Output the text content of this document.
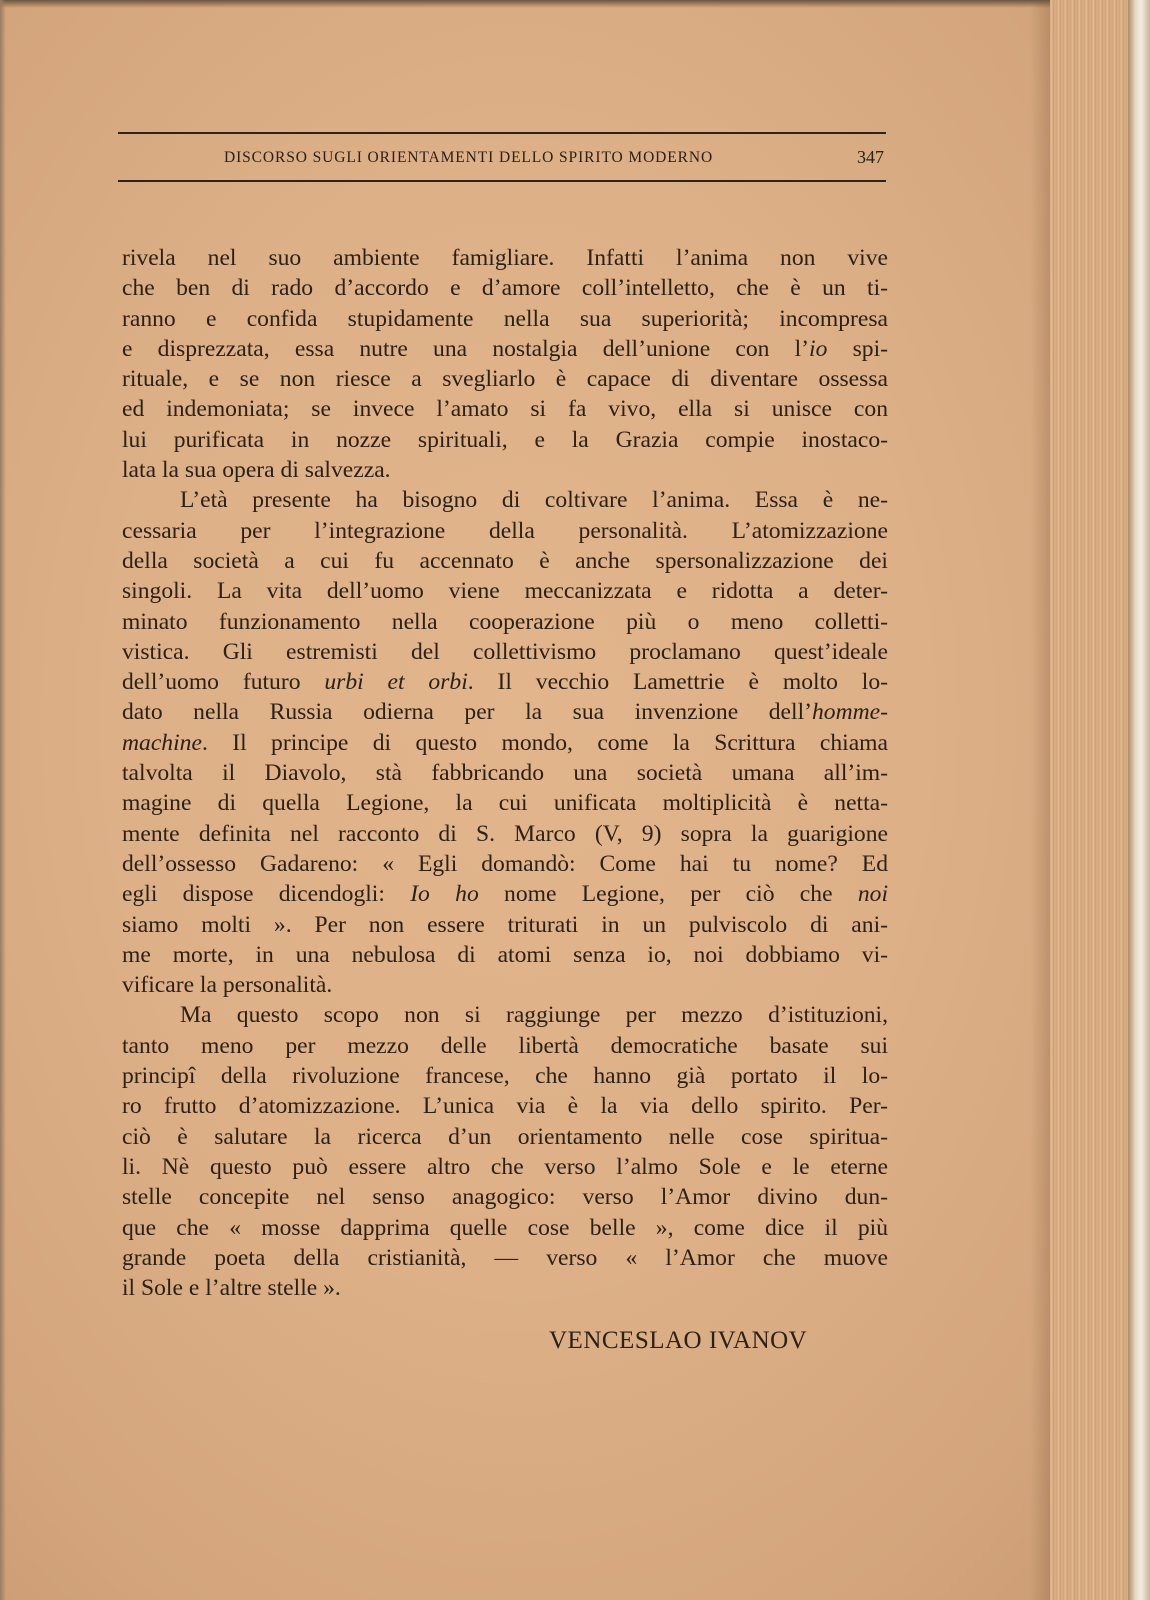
DISCORSO SUGLI ORIENTAMENTI DELLO SPIRITO MODERNO	347
rivela nel suo ambiente famigliare. Infatti l’anima non vive
che ben di rado d’accordo e d’amore coll’intelletto, che è un ti-
ranno e confida stupidamente nella sua superiorità; incompresa
e disprezzata, essa nutre una nostalgia dell’unione con l’io spi-
rituale, e se non riesce a svegliarlo è capace di diventare ossessa
ed indemoniata; se invece l’amato si fa vivo, ella si unisce con
lui purificata in nozze spirituali, e la Grazia compie inostaco-
lata la sua opera di salvezza.
L’età presente ha bisogno di coltivare l’anima. Essa è ne-
cessaria per l’integrazione della personalità. L’atomizzazione
della società a cui fu accennato è anche spersonalizzazione dei
singoli. La vita dell’uomo viene meccanizzata e ridotta a deter-
minato funzionamento nella cooperazione più o meno colletti-
vistica. Gli estremisti del collettivismo proclamano quest’ideale
dell’uomo futuro urbi et orbi. Il vecchio Lamettrie è molto lo-
dato nella Russia odierna per la sua invenzione dell’homme-
machine. Il principe di questo mondo, come la Scrittura chiama
talvolta il Diavolo, stà fabbricando una società umana all’im-
magine di quella Legione, la cui unificata moltiplicità è netta-
mente definita nel racconto di S. Marco (V, 9) sopra la guarigione
dell’ossesso Gadareno: « Egli domandò: Come hai tu nome? Ed
egli dispose dicendogli: Io ho nome Legione, per ciò che noi
siamo molti ». Per non essere triturati in un pulviscolo di ani-
me morte, in una nebulosa di atomi senza io, noi dobbiamo vi-
vificare la personalità.
Ma questo scopo non si raggiunge per mezzo d’istituzioni,
tanto meno per mezzo delle libertà democratiche basate sui
principî della rivoluzione francese, che hanno già portato il lo-
ro frutto d’atomizzazione. L’unica via è la via dello spirito. Per-
ciò è salutare la ricerca d’un orientamento nelle cose spiritua-
li. Nè questo può essere altro che verso l’almo Sole e le eterne
stelle concepite nel senso anagogico: verso l’Amor divino dun-
que che « mosse dapprima quelle cose belle », come dice il più
grande poeta della cristianità, — verso « l’Amor che muove
il Sole e l’altre stelle ».
VENCESLAO IVANOV
